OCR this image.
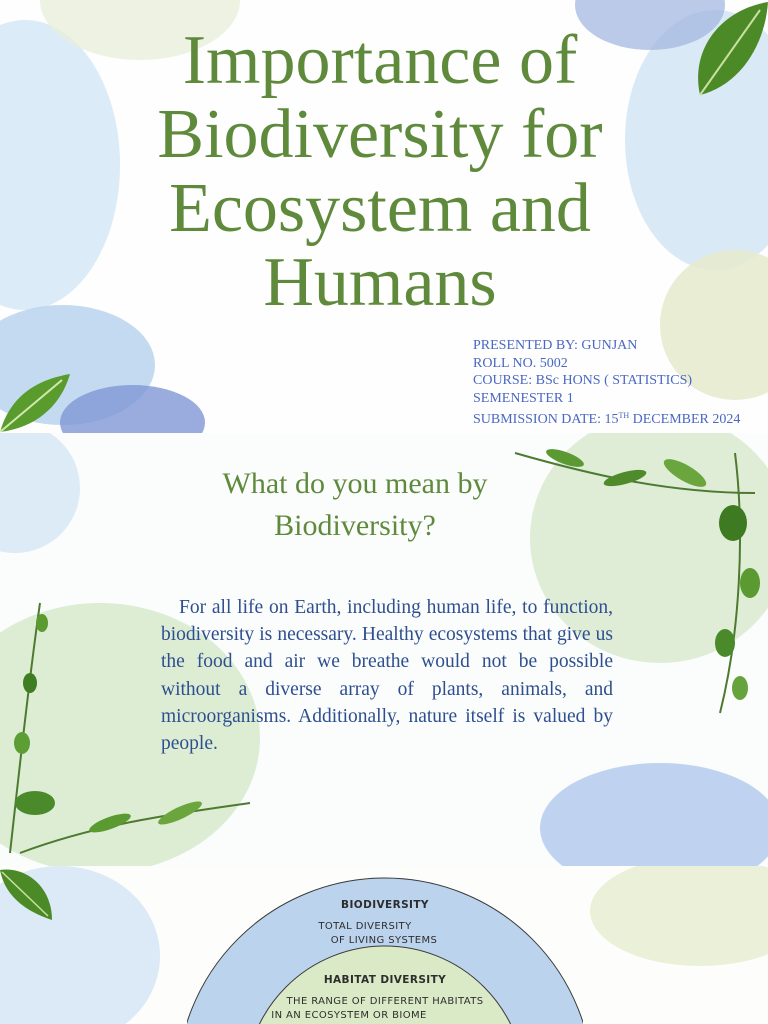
Importance of Biodiversity for Ecosystem and Humans
PRESENTED BY: GUNJAN
ROLL NO. 5002
COURSE: BSc HONS ( STATISTICS)
SEMENESTER 1
SUBMISSION DATE: 15TH DECEMBER 2024
What do you mean by Biodiversity?

For all life on Earth, including human life, to function, biodiversity is necessary. Healthy ecosystems that give us the food and air we breathe would not be possible without a diverse array of plants, animals, and microorganisms. Additionally, nature itself is valued by people.

BIODIVERSITY
TOTAL DIVERSITY
OF LIVING SYSTEMS
HABITAT DIVERSITY
THE RANGE OF DIFFERENT HABITATS
IN AN ECOSYSTEM OR BIOME
